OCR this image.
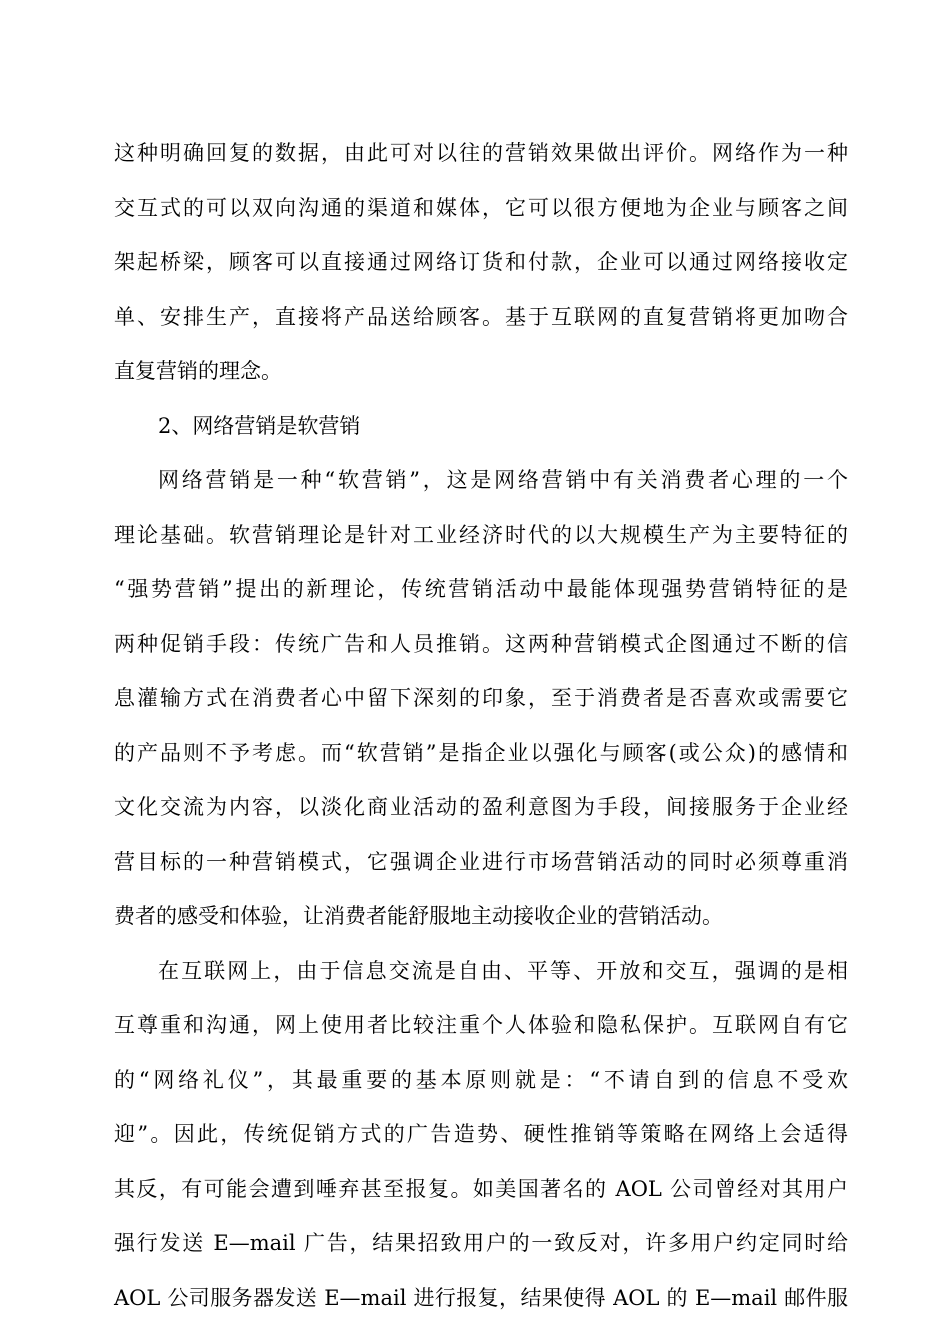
这种明确回复的数据，由此可对以往的营销效果做出评价。网络作为一种
交互式的可以双向沟通的渠道和媒体，它可以很方便地为企业与顾客之间
架起桥梁，顾客可以直接通过网络订货和付款，企业可以通过网络接收定
单、安排生产，直接将产品送给顾客。基于互联网的直复营销将更加吻合
直复营销的理念。
2、网络营销是软营销
网络营销是一种“软营销”，这是网络营销中有关消费者心理的一个
理论基础。软营销理论是针对工业经济时代的以大规模生产为主要特征的
“强势营销”提出的新理论，传统营销活动中最能体现强势营销特征的是
两种促销手段：传统广告和人员推销。这两种营销模式企图通过不断的信
息灌输方式在消费者心中留下深刻的印象，至于消费者是否喜欢或需要它
的产品则不予考虑。而“软营销”是指企业以强化与顾客(或公众)的感情和
文化交流为内容，以淡化商业活动的盈利意图为手段，间接服务于企业经
营目标的一种营销模式，它强调企业进行市场营销活动的同时必须尊重消
费者的感受和体验，让消费者能舒服地主动接收企业的营销活动。
在互联网上，由于信息交流是自由、平等、开放和交互，强调的是相
互尊重和沟通，网上使用者比较注重个人体验和隐私保护。互联网自有它
的“网络礼仪”，其最重要的基本原则就是：“不请自到的信息不受欢
迎”。因此，传统促销方式的广告造势、硬性推销等策略在网络上会适得
其反，有可能会遭到唾弃甚至报复。如美国著名的 AOL 公司曾经对其用户
强行发送 E—mail 广告，结果招致用户的一致反对，许多用户约定同时给
AOL 公司服务器发送 E—mail 进行报复，结果使得 AOL 的 E—mail 邮件服
